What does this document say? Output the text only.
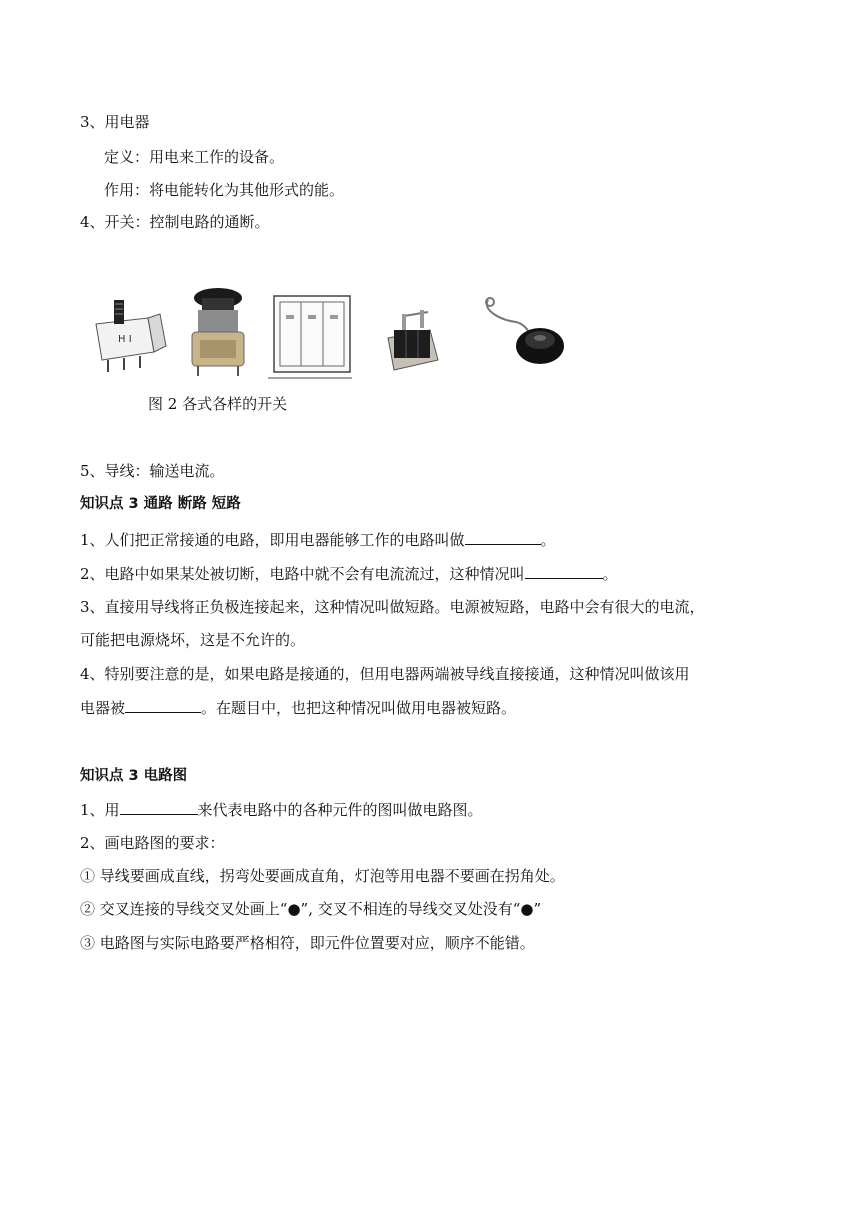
3、用电器
定义：用电来工作的设备。
作用：将电能转化为其他形式的能。
4、开关：控制电路的通断。
H I
图 2 各式各样的开关
5、导线：输送电流。
知识点 3 通路 断路 短路
1、人们把正常接通的电路，即用电器能够工作的电路叫做	。
2、电路中如果某处被切断，电路中就不会有电流流过，这种情况叫	。
3、直接用导线将正负极连接起来，这种情况叫做短路。电源被短路，电路中会有很大的电流，
可能把电源烧坏，这是不允许的。
4、特别要注意的是，如果电路是接通的，但用电器两端被导线直接接通，这种情况叫做该用
电器被	。在题目中，也把这种情况叫做用电器被短路。
知识点 3 电路图
1、用	来代表电路中的各种元件的图叫做电路图。
2、画电路图的要求：
① 导线要画成直线，拐弯处要画成直角，灯泡等用电器不要画在拐角处。
② 交叉连接的导线交叉处画上“●”, 交叉不相连的导线交叉处没有“●”
③ 电路图与实际电路要严格相符，即元件位置要对应，顺序不能错。
